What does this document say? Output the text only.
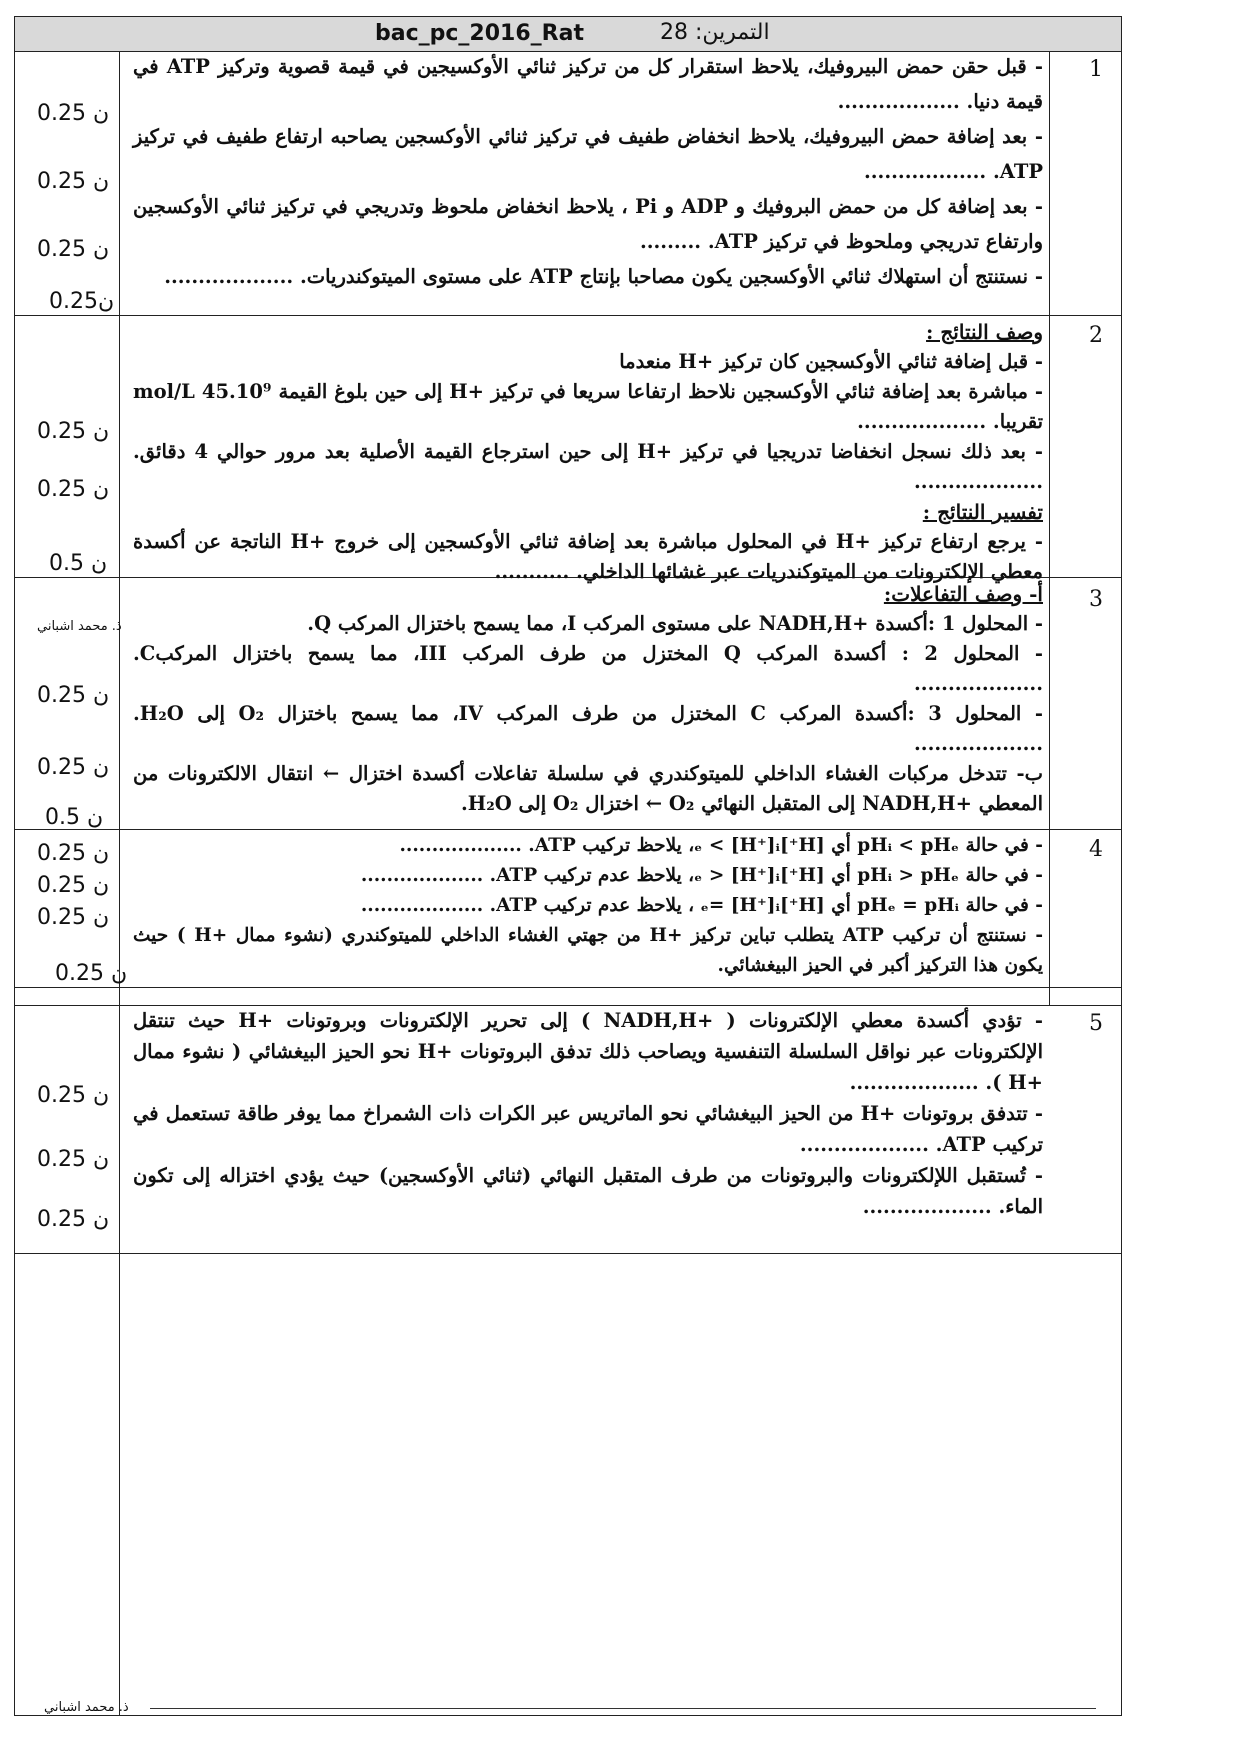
bac_pc_2016_Rat	التمرين: 28
1

- قبل حقن حمض البيروفيك، يلاحظ استقرار كل من تركيز ثنائي الأوكسيجين في قيمة قصوية وتركيز ATP في قيمة دنيا. ..................

- بعد إضافة حمض البيروفيك، يلاحظ انخفاض طفيف في تركيز ثنائي الأوكسجين يصاحبه ارتفاع طفيف في تركيز ATP. ..................

- بعد إضافة كل من حمض البروفيك و ADP و Pi ، يلاحظ انخفاض ملحوظ وتدريجي في تركيز ثنائي الأوكسجين وارتفاع تدريجي وملحوظ في تركيز ATP. .........

- نستنتج أن استهلاك ثنائي الأوكسجين يكون مصاحبا بإنتاج ATP على مستوى الميتوكندريات. ...................

0.25 ن
0.25 ن
0.25 ن
0.25ن
2

وصف النتائج :

- قبل إضافة ثنائي الأوكسجين كان تركيز +H منعدما

- مباشرة بعد إضافة ثنائي الأوكسجين نلاحظ ارتفاعا سريعا في تركيز +H إلى حين بلوغ القيمة 45.10⁹ mol/L تقريبا. ...................

- بعد ذلك نسجل انخفاضا تدريجيا في تركيز +H إلى حين استرجاع القيمة الأصلية بعد مرور حوالي 4 دقائق. ...................

تفسير النتائج :

- يرجع ارتفاع تركيز +H في المحلول مباشرة بعد إضافة ثنائي الأوكسجين إلى خروج +H الناتجة عن أكسدة معطي الإلكترونات من الميتوكندريات عبر غشائها الداخلي. ...........

0.25 ن
0.25 ن
0.5 ن
3

أ- وصف التفاعلات:

- المحلول 1 :أكسدة +NADH,H على مستوى المركب I، مما يسمح باختزال المركب Q.

- المحلول 2 : أكسدة المركب Q المختزل من طرف المركب III، مما يسمح باختزال المركبC. ...................

- المحلول 3 :أكسدة المركب C المختزل من طرف المركب IV، مما يسمح باختزال O₂ إلى H₂O. ...................

ب- تتدخل مركبات الغشاء الداخلي للميتوكندري في سلسلة تفاعلات أكسدة اختزال ← انتقال الالكترونات من المعطي +NADH,H إلى المتقبل النهائي O₂ ← اختزال O₂ إلى H₂O.

ذ. محمد اشباني
0.25 ن
0.25 ن
0.5 ن
4

- في حالة pHᵢ < pHₑ أي [H⁺]ₑ < [H⁺]ᵢ، يلاحظ تركيب ATP. ...................

- في حالة pHᵢ > pHₑ أي [H⁺]ₑ > [H⁺]ᵢ، يلاحظ عدم تركيب ATP. ...................

- في حالة pHₑ = pHᵢ أي [H⁺]ₑ= [H⁺]ᵢ ، يلاحظ عدم تركيب ATP. ...................

- نستنتج أن تركيب ATP يتطلب تباين تركيز +H من جهتي الغشاء الداخلي للميتوكندري (نشوء ممال +H ) حيث يكون هذا التركيز أكبر في الحيز البيغشائي.

0.25 ن
0.25 ن
0.25 ن
0.25 ن
5

- تؤدي أكسدة معطي الإلكترونات ( +NADH,H ) إلى تحرير الإلكترونات وبروتونات +H حيث تنتقل الإلكترونات عبر نواقل السلسلة التنفسية ويصاحب ذلك تدفق البروتونات +H نحو الحيز البيغشائي ( نشوء ممال +H ). ...................

- تتدفق بروتونات +H من الحيز البيغشائي نحو الماتريس عبر الكرات ذات الشمراخ مما يوفر طاقة تستعمل في تركيب ATP. ...................

- تُستقبل اللإلكترونات والبروتونات من طرف المتقبل النهائي (ثنائي الأوكسجين) حيث يؤدي اختزاله إلى تكون الماء. ...................

0.25 ن
0.25 ن
0.25 ن
ذ. محمد اشباني
